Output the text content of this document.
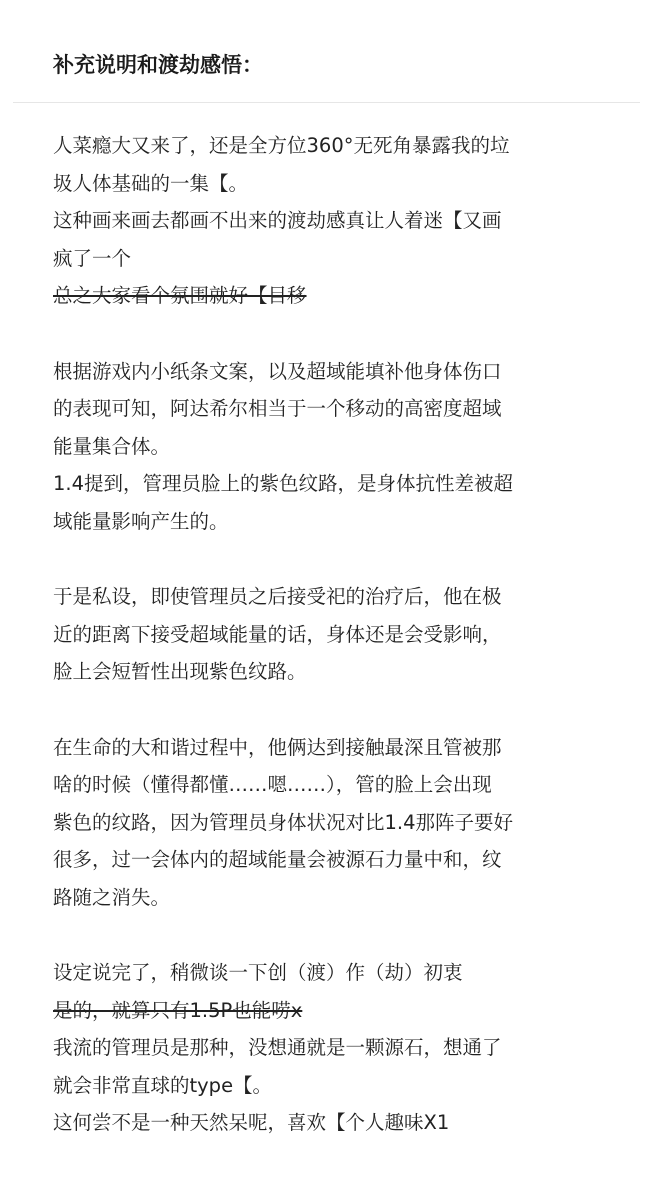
补充说明和渡劫感悟：
人菜瘾大又来了，还是全方位360°无死角暴露我的垃
圾人体基础的一集【。
这种画来画去都画不出来的渡劫感真让人着迷【又画
疯了一个
总之大家看个氛围就好【目移
根据游戏内小纸条文案，以及超域能填补他身体伤口
的表现可知，阿达希尔相当于一个移动的高密度超域
能量集合体。
1.4提到，管理员脸上的紫色纹路，是身体抗性差被超
域能量影响产生的。
于是私设，即使管理员之后接受祀的治疗后，他在极
近的距离下接受超域能量的话，身体还是会受影响，
脸上会短暂性出现紫色纹路。
在生命的大和谐过程中，他俩达到接触最深且管被那
啥的时候（懂得都懂……嗯……），管的脸上会出现
紫色的纹路，因为管理员身体状况对比1.4那阵子要好
很多，过一会体内的超域能量会被源石力量中和，纹
路随之消失。
设定说完了，稍微谈一下创（渡）作（劫）初衷
是的，就算只有1.5P也能唠x
我流的管理员是那种，没想通就是一颗源石，想通了
就会非常直球的type【。
这何尝不是一种天然呆呢，喜欢【个人趣味X1
